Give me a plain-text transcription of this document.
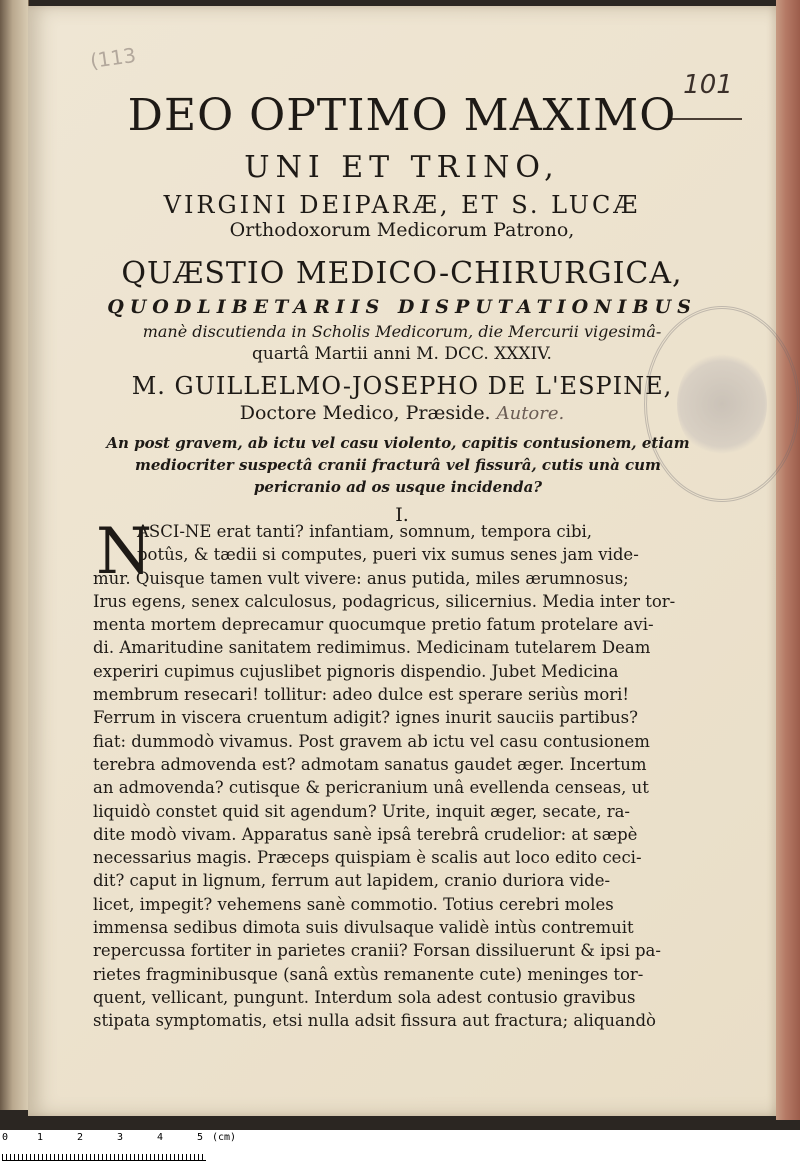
(113
101
DEO OPTIMO MAXIMO
UNI ET TRINO,
VIRGINI DEIPARÆ, ET S. LUCÆ
Orthodoxorum Medicorum Patrono,
QUÆSTIO MEDICO-CHIRURGICA,
QUODLIBETARIIS DISPUTATIONIBUS
manè discutienda in Scholis Medicorum, die Mercurii vigesimâ-
quartâ Martii anni M. DCC. XXXIV.
M. GUILLELMO-JOSEPHO DE L'ESPINE,
Doctore Medico, Præside. Autore.
An post gravem, ab ictu vel casu violento, capitis contusionem, etiam mediocriter suspectâ cranii fracturâ vel fissurâ, cutis unà cum pericranio ad os usque incidenda?
I.
N
ASCI-NE erat tanti? infantiam, somnum, tempora cibi,
potûs, & tædii si computes, pueri vix sumus senes jam vide-
mur. Quisque tamen vult vivere: anus putida, miles ærumnosus;
Irus egens, senex calculosus, podagricus, silicernius. Media inter tor-
menta mortem deprecamur quocumque pretio fatum protelare avi-
di. Amaritudine sanitatem redimimus. Medicinam tutelarem Deam
experiri cupimus cujuslibet pignoris dispendio. Jubet Medicina
membrum resecari! tollitur: adeo dulce est sperare seriùs mori!
Ferrum in viscera cruentum adigit? ignes inurit sauciis partibus?
fiat: dummodò vivamus. Post gravem ab ictu vel casu contusionem
terebra admovenda est? admotam sanatus gaudet æger. Incertum
an admovenda? cutisque & pericranium unâ evellenda censeas, ut
liquidò constet quid sit agendum? Urite, inquit æger, secate, ra-
dite modò vivam. Apparatus sanè ipsâ terebrâ crudelior: at sæpè
necessarius magis. Præceps quispiam è scalis aut loco edito ceci-
dit? caput in lignum, ferrum aut lapidem, cranio duriora vide-
licet, impegit? vehemens sanè commotio. Totius cerebri moles
immensa sedibus dimota suis divulsaque validè intùs contremuit
repercussa fortiter in parietes cranii? Forsan dissiluerunt & ipsi pa-
rietes fragminibusque (sanâ extùs remanente cute) meninges tor-
quent, vellicant, pungunt. Interdum sola adest contusio gravibus
stipata symptomatis, etsi nulla adsit fissura aut fractura; aliquandò
0	1	2	3	4	5 (cm)
